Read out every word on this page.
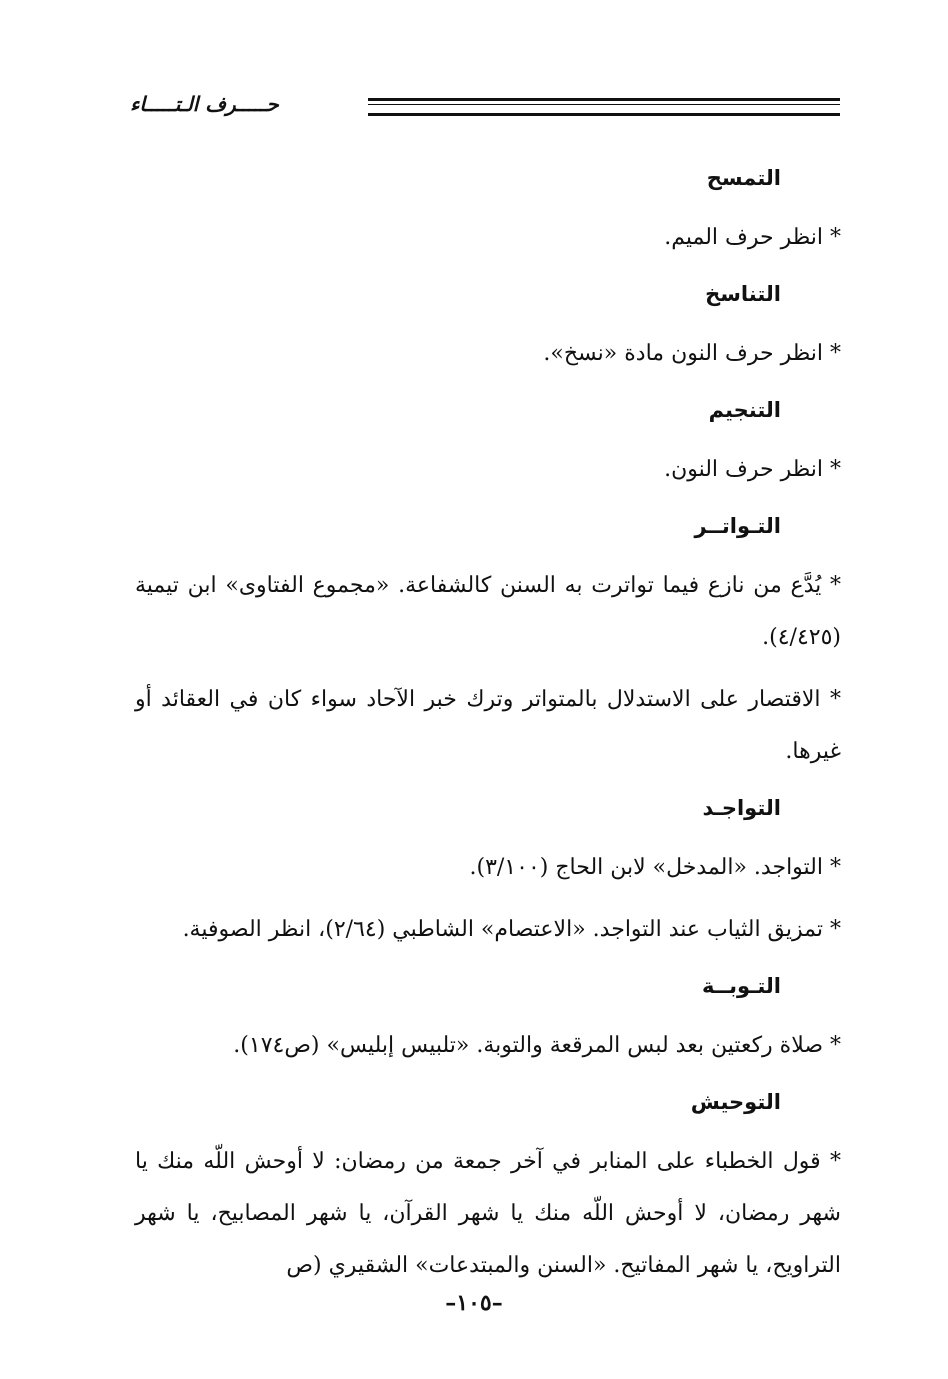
حـــــرف الـتـــــاء
التمسح

* انظر حرف الميم.

التناسخ

* انظر حرف النون مادة «نسخ».

التنجيم

* انظر حرف النون.

التـواتــر

* يُدَّع من نازع فيما تواترت به السنن كالشفاعة. «مجموع الفتاوى» ابن تيمية (٤/٤٢٥).

* الاقتصار على الاستدلال بالمتواتر وترك خبر الآحاد سواء كان في العقائد أو غيرها.

التواجـد

* التواجد. «المدخل» لابن الحاج (٣/١٠٠).

* تمزيق الثياب عند التواجد. «الاعتصام» الشاطبي (٢/٦٤)، انظر الصوفية.

التـوبــة

* صلاة ركعتين بعد لبس المرقعة والتوبة. «تلبيس إبليس» (ص١٧٤).

التوحيش

* قول الخطباء على المنابر في آخر جمعة من رمضان: لا أوحش اللّه منك يا شهر رمضان، لا أوحش اللّه منك يا شهر القرآن، يا شهر المصابيح، يا شهر التراويح، يا شهر المفاتيح. «السنن والمبتدعات» الشقيري (ص

–١٠٥–
